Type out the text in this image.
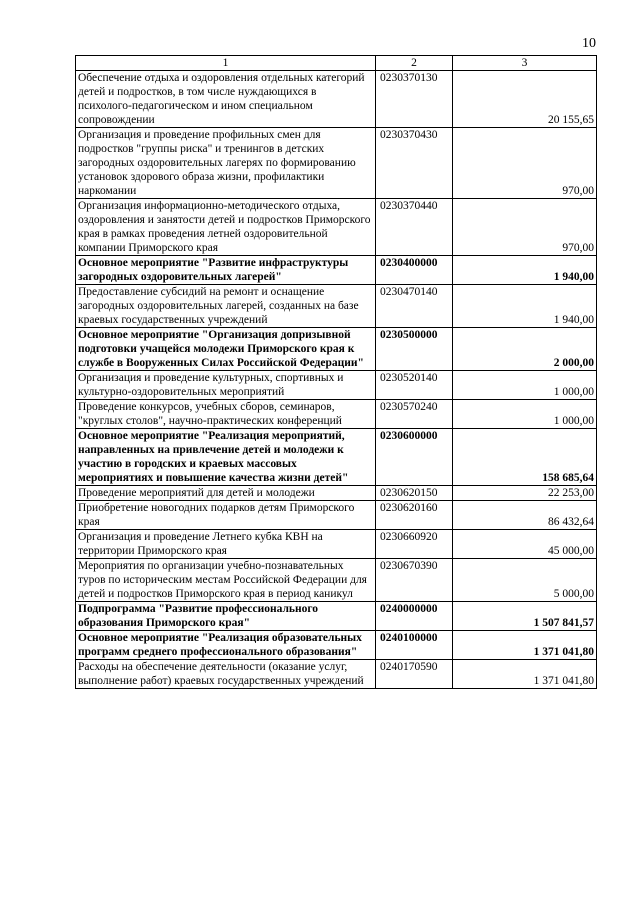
10
1	2	3
Обеспечение отдыха и оздоровления отдельных категорий детей и подростков, в том числе нуждающихся в психолого-педагогическом и ином специальном сопровождении	0230370130	20 155,65
Организация и проведение профильных смен для подростков "группы риска" и тренингов в детских загородных оздоровительных лагерях по формированию установок здорового образа жизни, профилактики наркомании	0230370430	970,00
Организация информационно-методического отдыха, оздоровления и занятости детей и подростков Приморского края в рамках проведения летней оздоровительной компании Приморского края	0230370440	970,00
Основное мероприятие "Развитие инфраструктуры загородных оздоровительных лагерей"	0230400000	1 940,00
Предоставление субсидий на ремонт и оснащение загородных оздоровительных лагерей, созданных на базе краевых государственных учреждений	0230470140	1 940,00
Основное мероприятие "Организация допризывной подготовки учащейся молодежи Приморского края к службе в Вооруженных Силах Российской Федерации"	0230500000	2 000,00
Организация и проведение культурных, спортивных и культурно-оздоровительных мероприятий	0230520140	1 000,00
Проведение конкурсов, учебных сборов, семинаров, "круглых столов", научно-практических конференций	0230570240	1 000,00
Основное мероприятие "Реализация мероприятий, направленных на привлечение детей и молодежи к участию в городских и краевых массовых мероприятиях и повышение качества жизни детей"	0230600000	158 685,64
Проведение мероприятий для детей и молодежи	0230620150	22 253,00
Приобретение новогодних подарков детям Приморского края	0230620160	86 432,64
Организация и проведение Летнего кубка КВН на территории Приморского края	0230660920	45 000,00
Мероприятия по организации учебно-познавательных туров по историческим местам Российской Федерации для детей и подростков Приморского края в период каникул	0230670390	5 000,00
Подпрограмма "Развитие профессионального образования Приморского края"	0240000000	1 507 841,57
Основное мероприятие "Реализация образовательных программ среднего профессионального образования"	0240100000	1 371 041,80
Расходы на обеспечение деятельности (оказание услуг, выполнение работ) краевых государственных учреждений	0240170590	1 371 041,80
